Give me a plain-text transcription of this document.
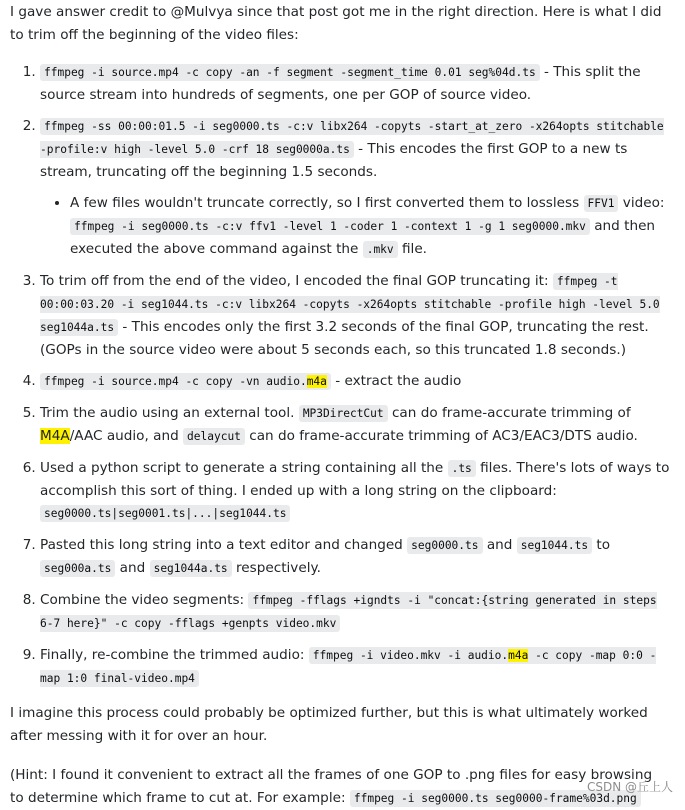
I gave answer credit to @Mulvya since that post got me in the right direction. Here is what I did to trim off the beginning of the video files:

1. ffmpeg -i source.mp4 -c copy -an -f segment -segment_time 0.01 seg%04d.ts - This split the source stream into hundreds of segments, one per GOP of source video.
2. ffmpeg -ss 00:00:01.5 -i seg0000.ts -c:v libx264 -copyts -start_at_zero -x264opts stitchable -profile:v high -level 5.0 -crf 18 seg0000a.ts - This encodes the first GOP to a new ts stream, truncating off the beginning 1.5 seconds.
• A few files wouldn't truncate correctly, so I first converted them to lossless FFV1 video: ffmpeg -i seg0000.ts -c:v ffv1 -level 1 -coder 1 -context 1 -g 1 seg0000.mkv and then executed the above command against the .mkv file.
3. To trim off from the end of the video, I encoded the final GOP truncating it: ffmpeg -t 00:00:03.20 -i seg1044.ts -c:v libx264 -copyts -x264opts stitchable -profile high -level 5.0 seg1044a.ts - This encodes only the first 3.2 seconds of the final GOP, truncating the rest. (GOPs in the source video were about 5 seconds each, so this truncated 1.8 seconds.)
4. ffmpeg -i source.mp4 -c copy -vn audio.m4a - extract the audio
5. Trim the audio using an external tool. MP3DirectCut can do frame-accurate trimming of M4A/AAC audio, and delaycut can do frame-accurate trimming of AC3/EAC3/DTS audio.
6. Used a python script to generate a string containing all the .ts files. There's lots of ways to accomplish this sort of thing. I ended up with a long string on the clipboard: seg0000.ts|seg0001.ts|...|seg1044.ts
7. Pasted this long string into a text editor and changed seg0000.ts and seg1044.ts to seg000a.ts and seg1044a.ts respectively.
8. Combine the video segments: ffmpeg -fflags +igndts -i "concat:{string generated in steps 6-7 here}" -c copy -fflags +genpts video.mkv
9. Finally, re-combine the trimmed audio: ffmpeg -i video.mkv -i audio.m4a -c copy -map 0:0 -map 1:0 final-video.mp4

I imagine this process could probably be optimized further, but this is what ultimately worked after messing with it for over an hour.

(Hint: I found it convenient to extract all the frames of one GOP to .png files for easy browsing to determine which frame to cut at. For example: ffmpeg -i seg0000.ts seg0000-frame%03d.png

CSDN @丘上人
